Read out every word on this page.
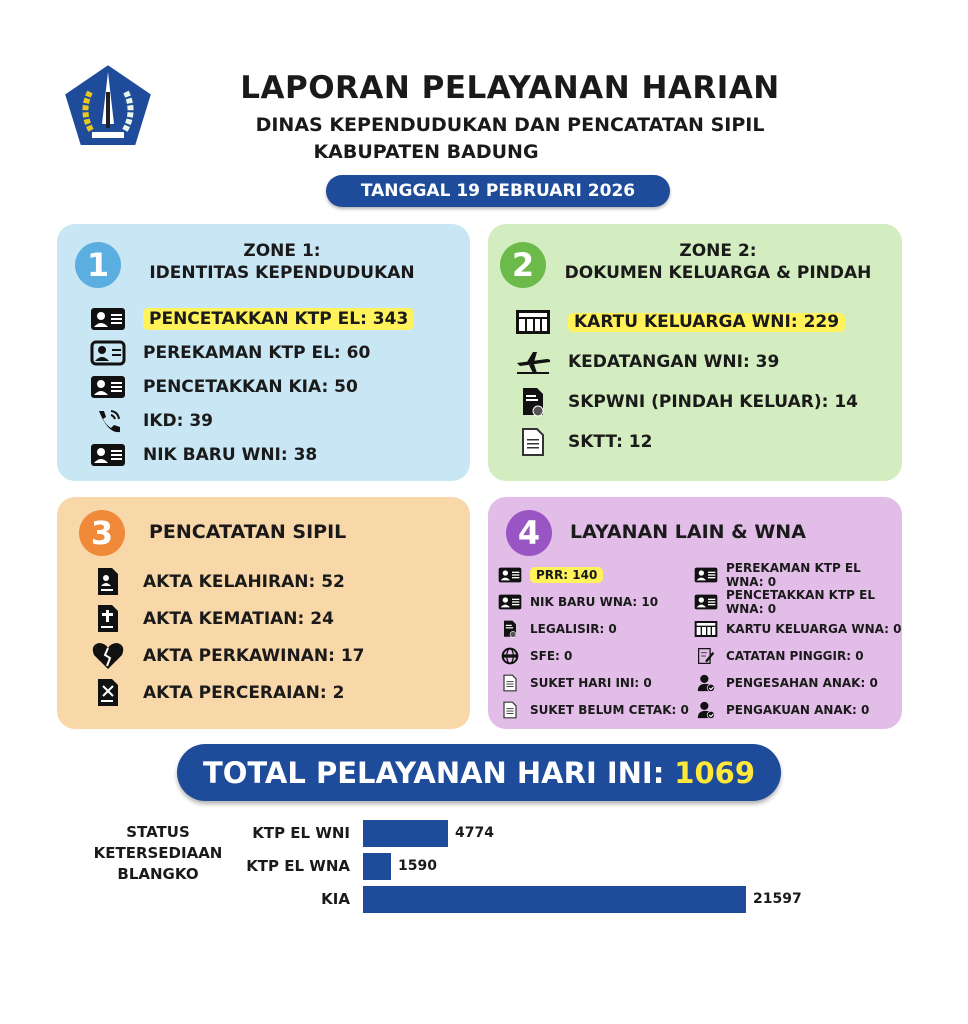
LAPORAN PELAYANAN HARIAN
DINAS KEPENDUDUKAN DAN PENCATATAN SIPIL
KABUPATEN BADUNG
TANGGAL 19 PEBRUARI 2026
1	ZONE 1:
IDENTITAS KEPENDUDUKAN
PENCETAKKAN KTP EL: 343
PEREKAMAN KTP EL: 60
PENCETAKKAN KIA: 50
IKD: 39
NIK BARU WNI: 38
2	ZONE 2:
DOKUMEN KELUARGA & PINDAH
KARTU KELUARGA WNI: 229
KEDATANGAN WNI: 39
SKPWNI (PINDAH KELUAR): 14
SKTT: 12
3	PENCATATAN SIPIL
AKTA KELAHIRAN: 52
AKTA KEMATIAN: 24
AKTA PERKAWINAN: 17
AKTA PERCERAIAN: 2
4	LAYANAN LAIN & WNA
PRR: 140
NIK BARU WNA: 10
LEGALISIR: 0
SFE: 0
SUKET HARI INI: 0
SUKET BELUM CETAK: 0
PEREKAMAN KTP EL WNA: 0
PENCETAKKAN KTP EL WNA: 0
KARTU KELUARGA WNA: 0
CATATAN PINGGIR: 0
PENGESAHAN ANAK: 0
PENGAKUAN ANAK: 0
TOTAL PELAYANAN HARI INI: 1069
STATUS
KETERSEDIAAN
BLANGKO
KTP EL WNI	4774
KTP EL WNA	1590
KIA	21597
